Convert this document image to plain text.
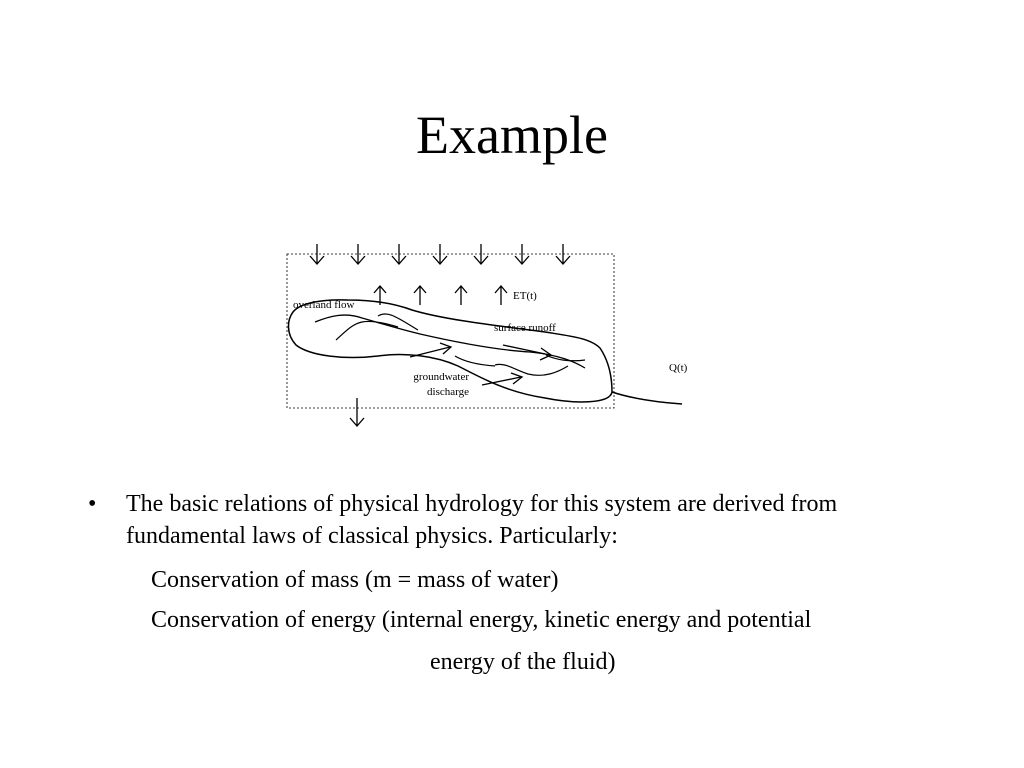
Example
overland flow
ET(t)
surface runoff
groundwater
discharge
Q(t)
• The basic relations of physical hydrology for this system are derived from fundamental laws of classical physics. Particularly:
Conservation of mass (m = mass of water)
Conservation of energy (internal energy, kinetic energy and potential
energy of the fluid)
